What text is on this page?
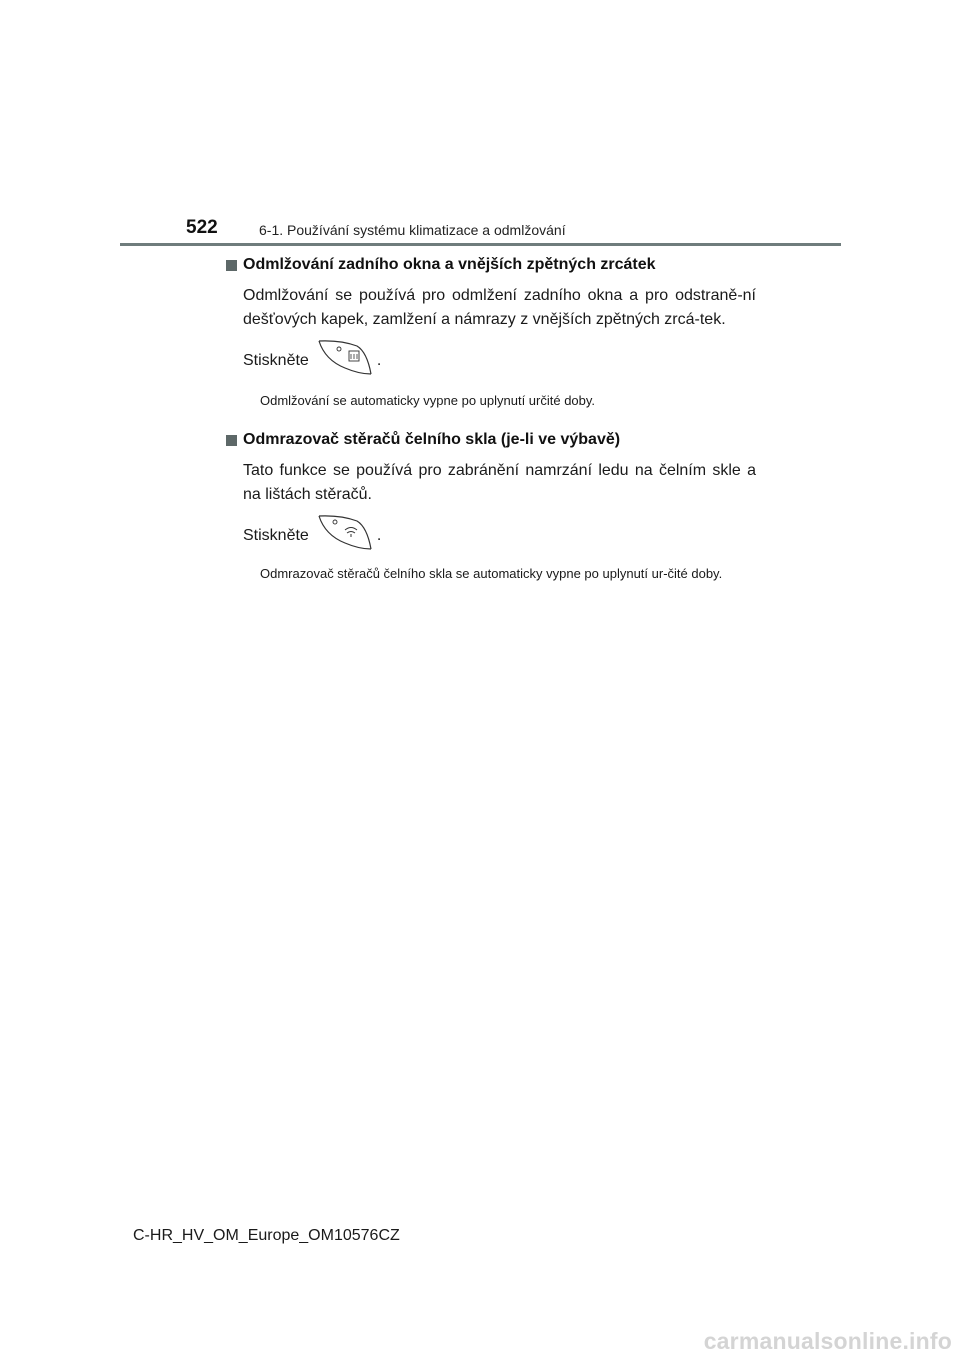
522	6-1. Používání systému klimatizace a odmlžování
Odmlžování zadního okna a vnějších zpětných zrcátek
Odmlžování se používá pro odmlžení zadního okna a pro odstraně-ní dešťových kapek, zamlžení a námrazy z vnějších zpětných zrcá-tek.
Stiskněte	.
Odmlžování se automaticky vypne po uplynutí určité doby.
Odmrazovač stěračů čelního skla (je-li ve výbavě)
Tato funkce se používá pro zabránění namrzání ledu na čelním skle a na lištách stěračů.
Stiskněte	.
Odmrazovač stěračů čelního skla se automaticky vypne po uplynutí ur-čité doby.
C-HR_HV_OM_Europe_OM10576CZ
carmanualsonline.info
